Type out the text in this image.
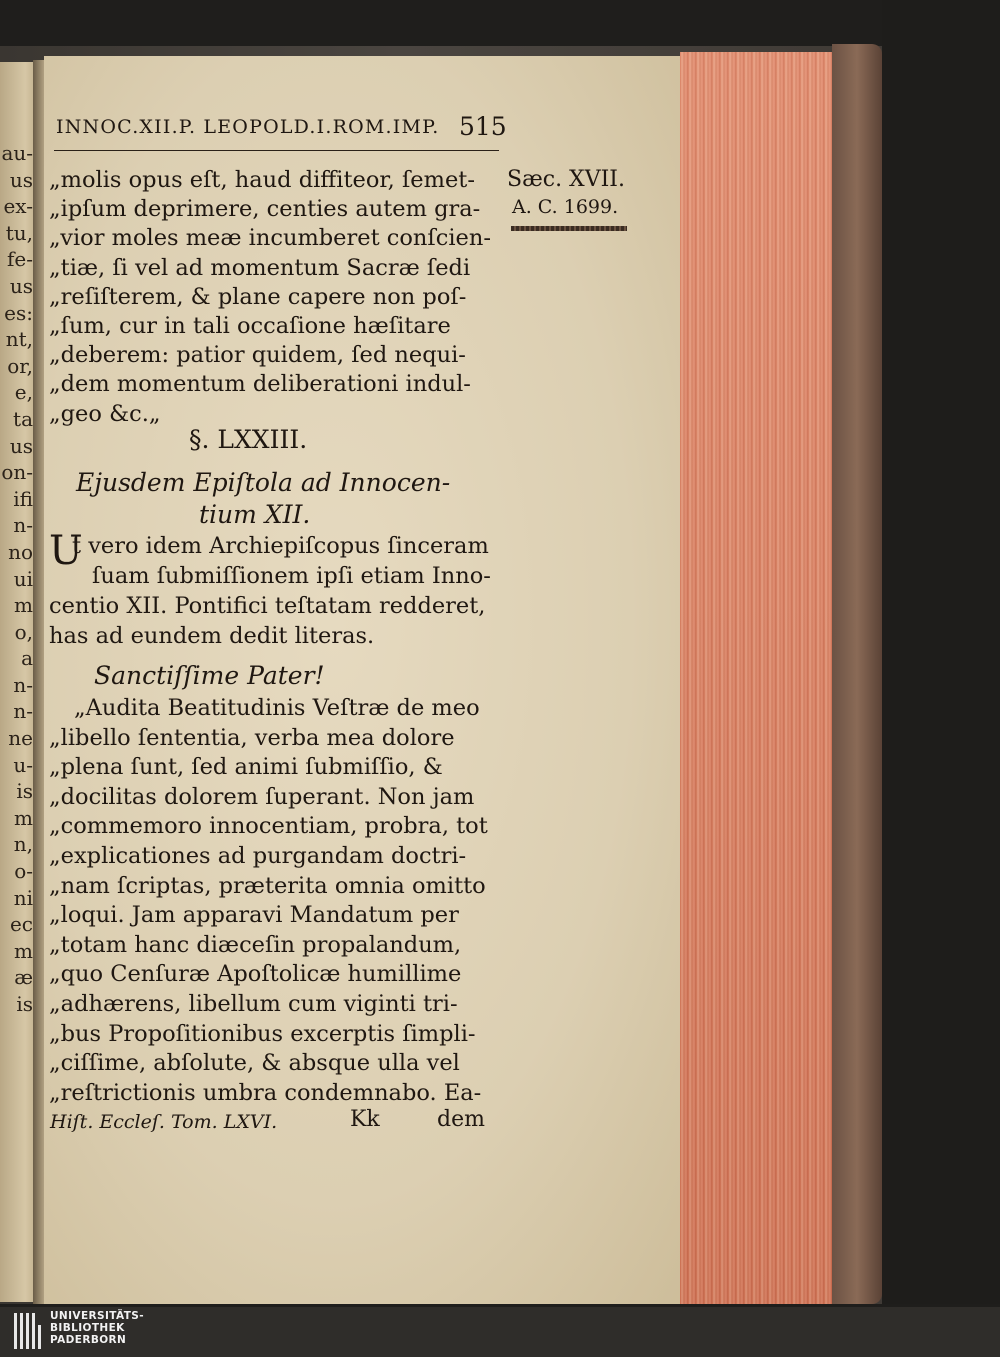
au-
us
ex-
tu,
fe-
us
es:
nt,
or,
e,
ta
us
on-
ifi
n-
no
ui
m
o,
a
n-
n-
ne
u-
is
m
n,
o-
ni
ec
m
æ
is
INNOC.XII.P. LEOPOLD.I.ROM.IMP. 515
Sæc. XVII.
A. C. 1699.
„molis opus eſt, haud diffiteor, ſemet-
„ipſum deprimere, centies autem gra-
„vior moles meæ incumberet conſcien-
„tiæ, ſi vel ad momentum Sacræ ſedi
„reſiſterem, & plane capere non poſ-
„ſum, cur in tali occaſione hæſitare
„deberem: patior quidem, ſed nequi-
„dem momentum deliberationi indul-
„geo &c.„
§. LXXIII.
Ejusdem Epiſtola ad Innocen-
tium XII.
U
t vero idem Archiepiſcopus ſinceram
ſuam ſubmiſſionem ipſi etiam Inno-
centio XII. Pontifici teſtatam redderet,
has ad eundem dedit literas.
Sanctiſſime Pater!
„Audita Beatitudinis Veſtræ de meo
„libello ſententia, verba mea dolore
„plena ſunt, ſed animi ſubmiſſio, &
„docilitas dolorem ſuperant. Non jam
„commemoro innocentiam, probra, tot
„explicationes ad purgandam doctri-
„nam ſcriptas, præterita omnia omitto
„loqui. Jam apparavi Mandatum per
„totam hanc diæceſin propalandum,
„quo Cenſuræ Apoſtolicæ humillime
„adhærens, libellum cum viginti tri-
„bus Propoſitionibus excerptis ſimpli-
„ciſſime, abſolute, & absque ulla vel
„reſtrictionis umbra condemnabo. Ea-
Hiſt. Eccleſ. Tom. LXVI.	Kk	dem
UNIVERSITÄTS-
BIBLIOTHEK
PADERBORN
